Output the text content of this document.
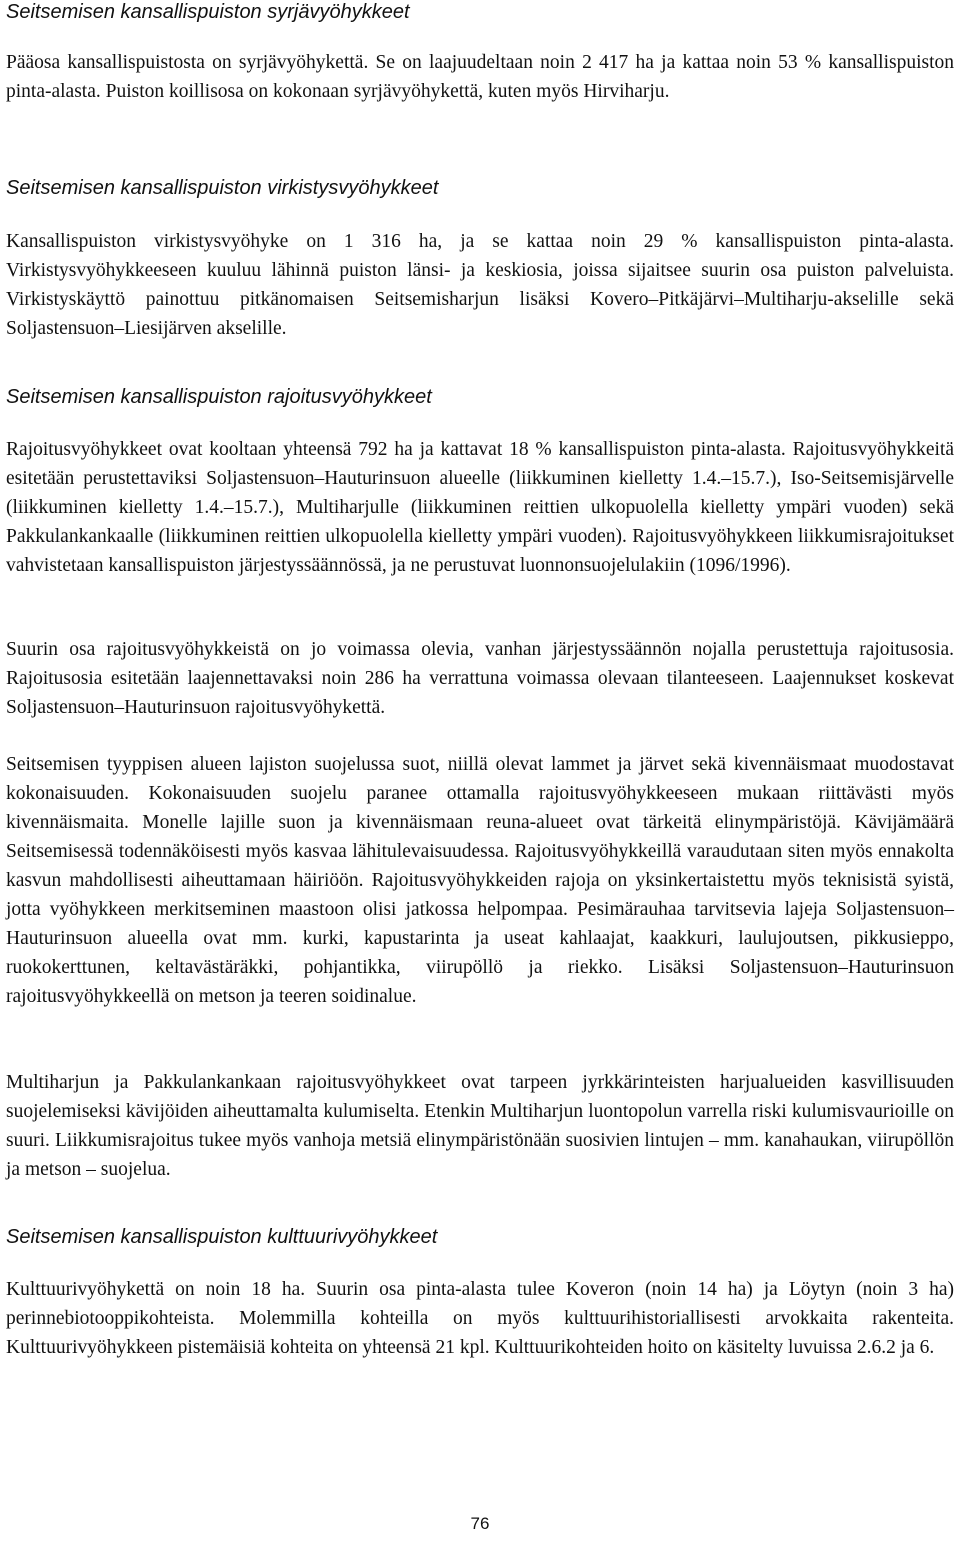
Seitsemisen kansallispuiston syrjävyöhykkeet

Pääosa kansallispuistosta on syrjävyöhykettä. Se on laajuudeltaan noin 2 417 ha ja kattaa noin 53 % kansallispuiston pinta-alasta. Puiston koillisosa on kokonaan syrjävyöhykettä, kuten myös Hirviharju.

Seitsemisen kansallispuiston virkistysvyöhykkeet

Kansallispuiston virkistysvyöhyke on 1 316 ha, ja se kattaa noin 29 % kansallispuiston pinta-alasta. Virkistysvyöhykkeeseen kuuluu lähinnä puiston länsi- ja keskiosia, joissa sijaitsee suurin osa puiston palveluista. Virkistyskäyttö painottuu pitkänomaisen Seitsemisharjun lisäksi Kovero–Pitkäjärvi–Multiharju-akselille sekä Soljastensuon–Liesijärven akselille.

Seitsemisen kansallispuiston rajoitusvyöhykkeet

Rajoitusvyöhykkeet ovat kooltaan yhteensä 792 ha ja kattavat 18 % kansallispuiston pinta-alasta. Rajoitusvyöhykkeitä esitetään perustettaviksi Soljastensuon–Hauturinsuon alueelle (liikkuminen kielletty 1.4.–15.7.), Iso-Seitsemisjärvelle (liikkuminen kielletty 1.4.–15.7.), Multiharjulle (liikkuminen reittien ulkopuolella kielletty ympäri vuoden) sekä Pakkulankankaalle (liikkuminen reittien ulkopuolella kielletty ympäri vuoden). Rajoitusvyöhykkeen liikkumisrajoitukset vahvistetaan kansallispuiston järjestyssäännössä, ja ne perustuvat luonnonsuojelulakiin (1096/1996).

Suurin osa rajoitusvyöhykkeistä on jo voimassa olevia, vanhan järjestyssäännön nojalla perustettuja rajoitusosia. Rajoitusosia esitetään laajennettavaksi noin 286 ha verrattuna voimassa olevaan tilanteeseen. Laajennukset koskevat Soljastensuon–Hauturinsuon rajoitusvyöhykettä.

Seitsemisen tyyppisen alueen lajiston suojelussa suot, niillä olevat lammet ja järvet sekä kivennäismaat muodostavat kokonaisuuden. Kokonaisuuden suojelu paranee ottamalla rajoitusvyöhykkeeseen mukaan riittävästi myös kivennäismaita. Monelle lajille suon ja kivennäismaan reuna-alueet ovat tärkeitä elinympäristöjä. Kävijämäärä Seitsemisessä todennäköisesti myös kasvaa lähitulevaisuudessa. Rajoitusvyöhykkeillä varaudutaan siten myös ennakolta kasvun mahdollisesti aiheuttamaan häiriöön. Rajoitusvyöhykkeiden rajoja on yksinkertaistettu myös teknisistä syistä, jotta vyöhykkeen merkitseminen maastoon olisi jatkossa helpompaa. Pesimärauhaa tarvitsevia lajeja Soljastensuon–Hauturinsuon alueella ovat mm. kurki, kapustarinta ja useat kahlaajat, kaakkuri, laulujoutsen, pikkusieppo, ruokokerttunen, keltavästäräkki, pohjantikka, viirupöllö ja riekko. Lisäksi Soljastensuon–Hauturinsuon rajoitusvyöhykkeellä on metson ja teeren soidinalue.

Multiharjun ja Pakkulankankaan rajoitusvyöhykkeet ovat tarpeen jyrkkärinteisten harjualueiden kasvillisuuden suojelemiseksi kävijöiden aiheuttamalta kulumiselta. Etenkin Multiharjun luontopolun varrella riski kulumisvaurioille on suuri. Liikkumisrajoitus tukee myös vanhoja metsiä elinympäristönään suosivien lintujen – mm. kanahaukan, viirupöllön ja metson – suojelua.

Seitsemisen kansallispuiston kulttuurivyöhykkeet

Kulttuurivyöhykettä on noin 18 ha. Suurin osa pinta-alasta tulee Koveron (noin 14 ha) ja Löytyn (noin 3 ha) perinnebiotooppikohteista. Molemmilla kohteilla on myös kulttuurihistoriallisesti arvokkaita rakenteita. Kulttuurivyöhykkeen pistemäisiä kohteita on yhteensä 21 kpl. Kulttuurikohteiden hoito on käsitelty luvuissa 2.6.2 ja 6.

76
